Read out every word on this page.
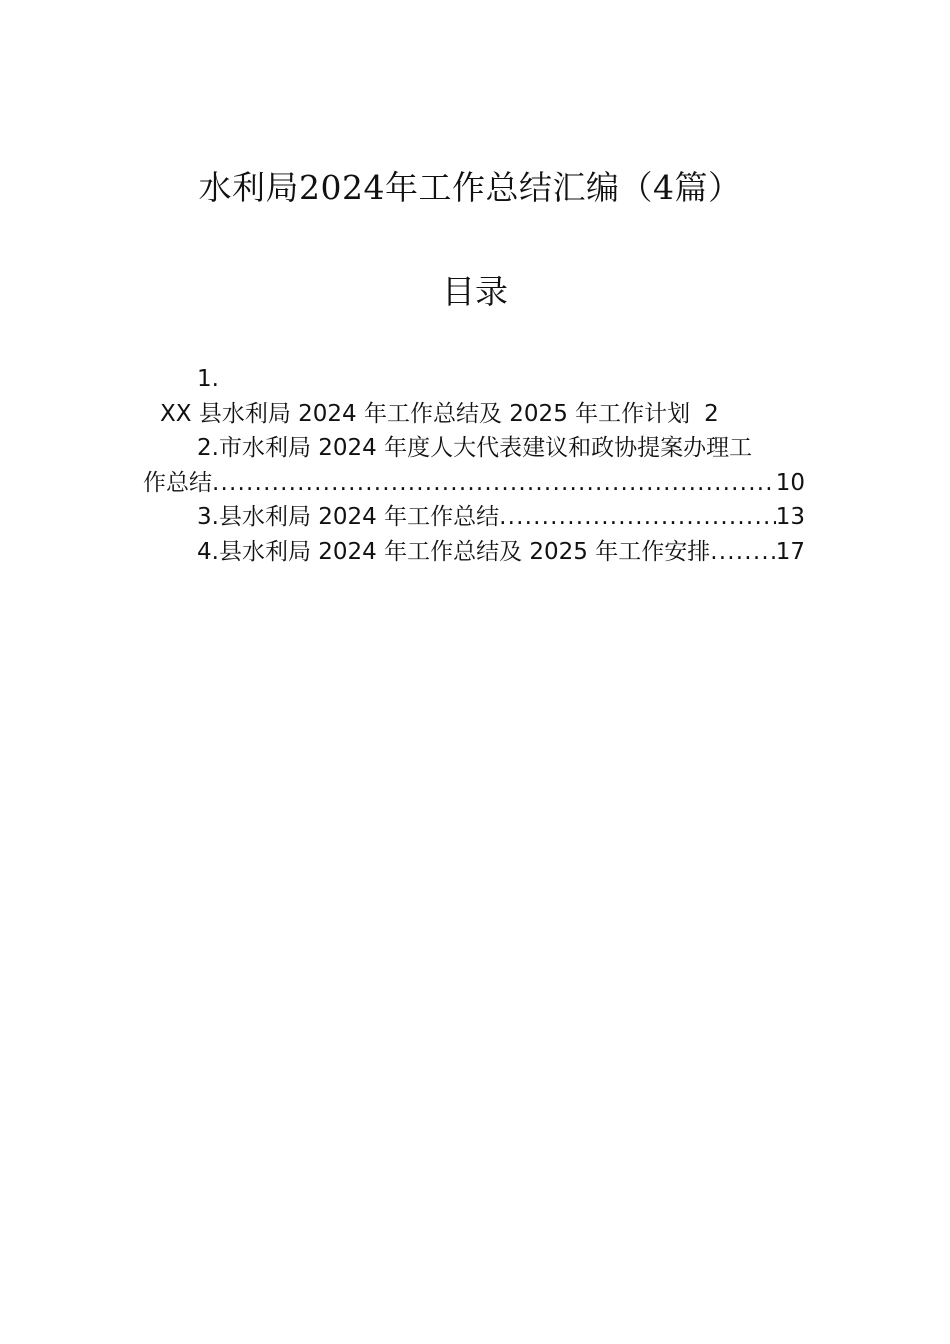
水利局2024年工作总结汇编（4篇）
目录
1.
XX 县水利局 2024 年工作总结及 2025 年工作计划 2
2.市水利局 2024 年度人大代表建议和政协提案办理工
作总结 .....	10
3.县水利局 2024 年工作总结 .....	13
4.县水利局 2024 年工作总结及 2025 年工作安排 .....	17
